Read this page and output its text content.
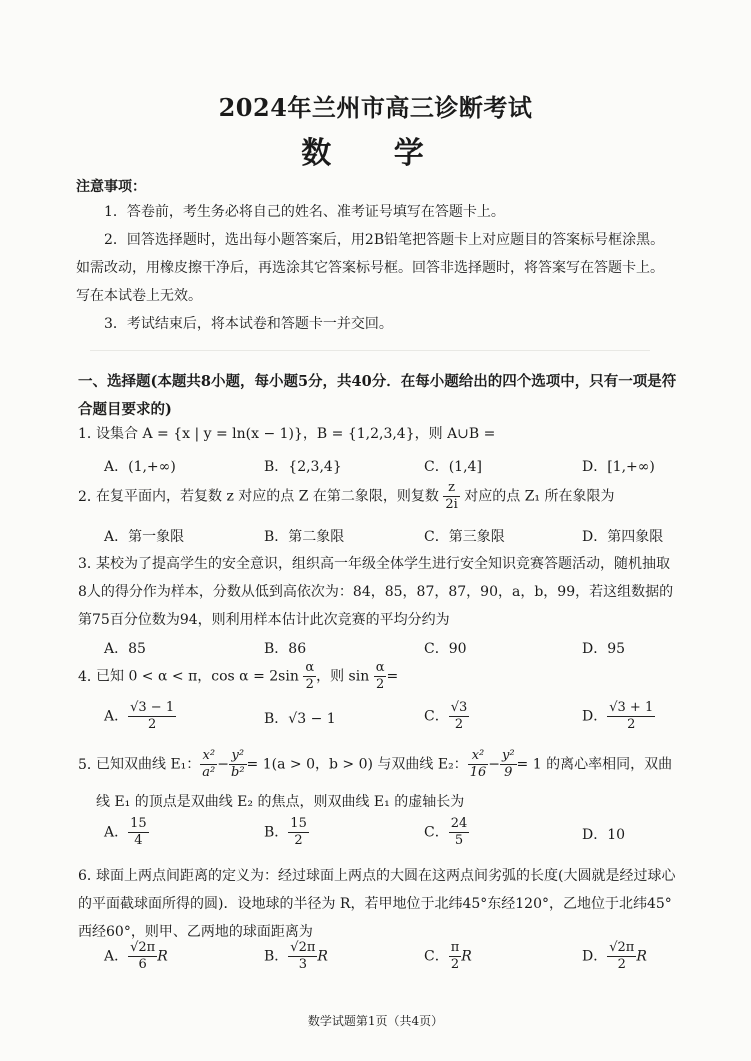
2024年兰州市高三诊断考试
数 学
注意事项：
1．答卷前，考生务必将自己的姓名、准考证号填写在答题卡上。
2．回答选择题时，选出每小题答案后，用2B铅笔把答题卡上对应题目的答案标号框涂黑。如需改动，用橡皮擦干净后，再选涂其它答案标号框。回答非选择题时，将答案写在答题卡上。写在本试卷上无效。
3．考试结束后，将本试卷和答题卡一并交回。
一、选择题(本题共8小题，每小题5分，共40分．在每小题给出的四个选项中，只有一项是符合题目要求的)
1．设集合 A = {x | y = ln(x − 1)}，B = {1,2,3,4}，则 A∪B =
A．(1,+∞)	B．{2,3,4}	C．(1,4]	D．[1,+∞)
2．在复平面内，若复数 z 对应的点 Z 在第二象限，则复数 $\frac{z}{2i}$ 对应的点 Z₁ 所在象限为
A．第一象限	B．第二象限	C．第三象限	D．第四象限
3．某校为了提高学生的安全意识，组织高一年级全体学生进行安全知识竞赛答题活动，随机抽取8人的得分作为样本，分数从低到高依次为：84，85，87，87，90，a，b，99，若这组数据的第75百分位数为94，则利用样本估计此次竞赛的平均分约为
A．85	B．86	C．90	D．95
4．已知 0 < α < π，$\cos \alpha = 2\sin \frac{\alpha}{2}$ ，则 $\sin \frac{\alpha}{2}$ =
A． $\frac{√3 - 1}{2}$	B．√3 − 1	C． $\frac{√3}{2}$	D． $\frac{√3 + 1}{2}$
5．已知双曲线 E₁： $\frac{\text{x²}}{\text{a²}} - \frac{\text{y²}}{\text{b²}} = 1(a > 0$，b > 0) 与双曲线 E₂： $\frac{\text{x²}}{16} - \frac{\text{y²}}{9} = 1$ 的离心率相同，双曲
线 E₁ 的顶点是双曲线 E₂ 的焦点，则双曲线 E₁ 的虚轴长为
A． $\frac{15}{4}$	B． $\frac{15}{2}$	C． $\frac{24}{5}$	D．10
6．球面上两点间距离的定义为：经过球面上两点的大圆在这两点间劣弧的长度(大圆就是经过球心的平面截球面所得的圆)．设地球的半径为 R，若甲地位于北纬45°东经120°，乙地位于北纬45°西经60°，则甲、乙两地的球面距离为
A． $\frac{√2\pi}{6}$ R	B． $\frac{√2\pi}{3}$ R	C． $\frac{\pi}{2}$ R	D． $\frac{√2\pi}{2}$ R
数学试题第1页（共4页）
